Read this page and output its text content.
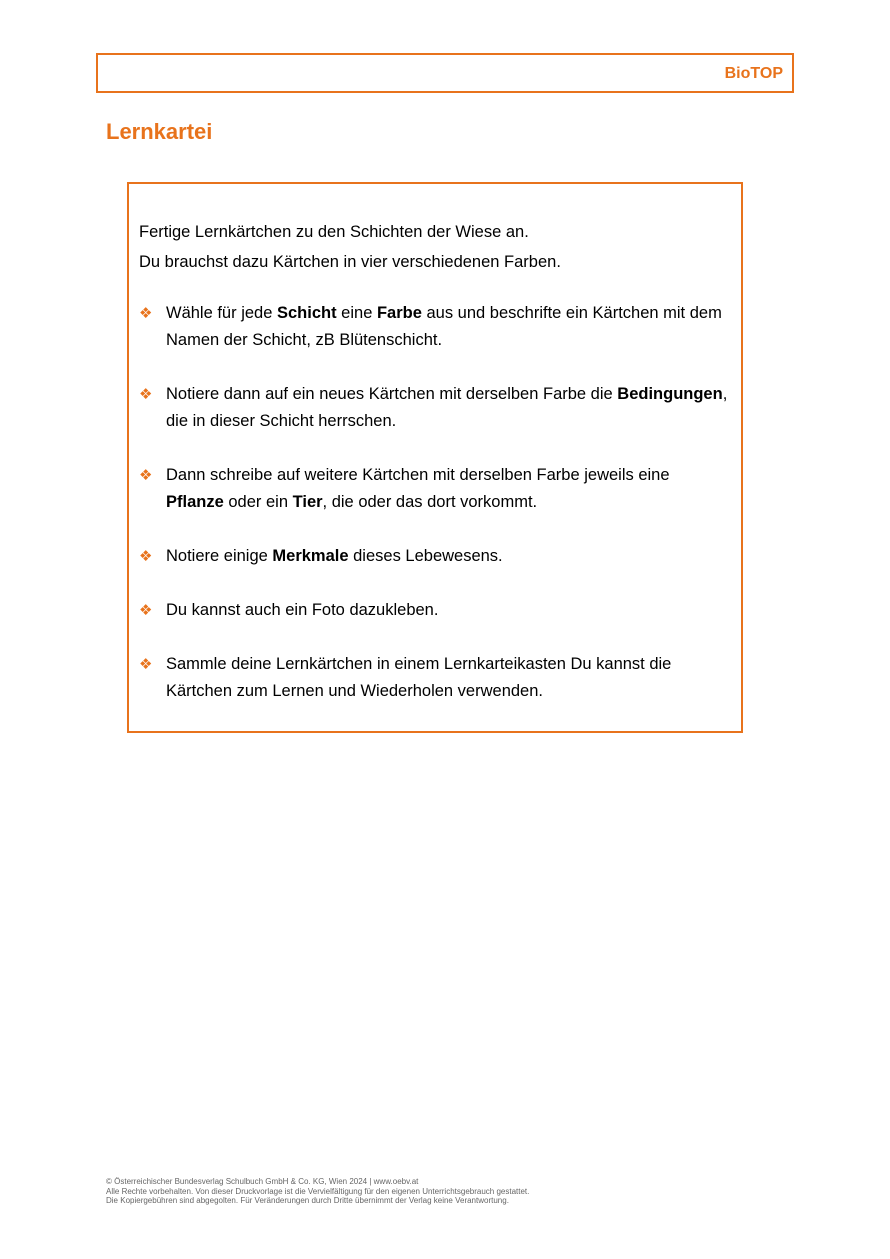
BioTOP
Lernkartei

Fertige Lernkärtchen zu den Schichten der Wiese an.

Du brauchst dazu Kärtchen in vier verschiedenen Farben.

❖ Wähle für jede Schicht eine Farbe aus und beschrifte ein Kärtchen mit dem Namen der Schicht, zB Blütenschicht.
❖ Notiere dann auf ein neues Kärtchen mit derselben Farbe die Bedingungen, die in dieser Schicht herrschen.
❖ Dann schreibe auf weitere Kärtchen mit derselben Farbe jeweils eine Pflanze oder ein Tier, die oder das dort vorkommt.
❖ Notiere einige Merkmale dieses Lebewesens.
❖ Du kannst auch ein Foto dazukleben.
❖ Sammle deine Lernkärtchen in einem Lernkarteikasten Du kannst die Kärtchen zum Lernen und Wiederholen verwenden.
© Österreichischer Bundesverlag Schulbuch GmbH & Co. KG, Wien 2024 | www.oebv.at
Alle Rechte vorbehalten. Von dieser Druckvorlage ist die Vervielfältigung für den eigenen Unterrichtsgebrauch gestattet.
Die Kopiergebühren sind abgegolten. Für Veränderungen durch Dritte übernimmt der Verlag keine Verantwortung.
